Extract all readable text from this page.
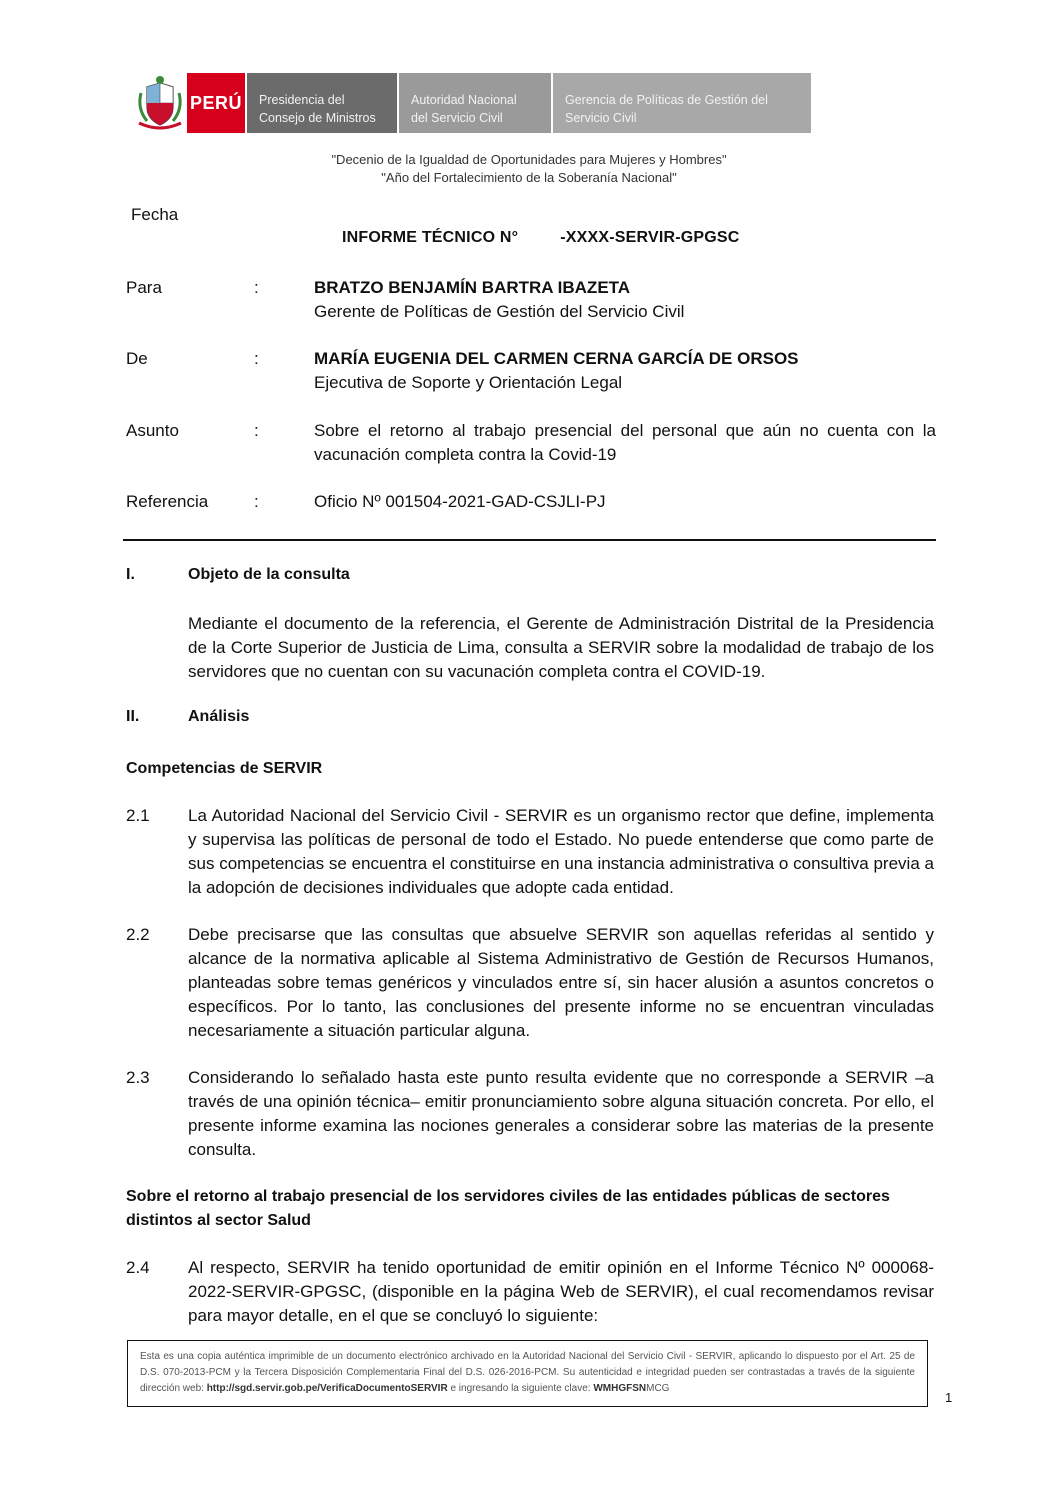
PERÚ Presidencia del
Consejo de Ministros
Autoridad Nacional
del Servicio Civil
Gerencia de Políticas de Gestión del
Servicio Civil
"Decenio de la Igualdad de Oportunidades para Mujeres y Hombres"
"Año del Fortalecimiento de la Soberanía Nacional"
Fecha
INFORME TÉCNICO N°	-XXXX-SERVIR-GPGSC
Para	:	BRATZO BENJAMÍN BARTRA IBAZETA
Gerente de Políticas de Gestión del Servicio Civil
De	:	MARÍA EUGENIA DEL CARMEN CERNA GARCÍA DE ORSOS
Ejecutiva de Soporte y Orientación Legal
Asunto	:	Sobre el retorno al trabajo presencial del personal que aún no cuenta con la vacunación completa contra la Covid-19
Referencia	:	Oficio Nº 001504-2021-GAD-CSJLI-PJ
I.	Objeto de la consulta
Mediante el documento de la referencia, el Gerente de Administración Distrital de la Presidencia de la Corte Superior de Justicia de Lima, consulta a SERVIR sobre la modalidad de trabajo de los servidores que no cuentan con su vacunación completa contra el COVID-19.
II.	Análisis
Competencias de SERVIR
2.1 La Autoridad Nacional del Servicio Civil - SERVIR es un organismo rector que define, implementa y supervisa las políticas de personal de todo el Estado. No puede entenderse que como parte de sus competencias se encuentra el constituirse en una instancia administrativa o consultiva previa a la adopción de decisiones individuales que adopte cada entidad.
2.2 Debe precisarse que las consultas que absuelve SERVIR son aquellas referidas al sentido y alcance de la normativa aplicable al Sistema Administrativo de Gestión de Recursos Humanos, planteadas sobre temas genéricos y vinculados entre sí, sin hacer alusión a asuntos concretos o específicos. Por lo tanto, las conclusiones del presente informe no se encuentran vinculadas necesariamente a situación particular alguna.
2.3 Considerando lo señalado hasta este punto resulta evidente que no corresponde a SERVIR –a través de una opinión técnica– emitir pronunciamiento sobre alguna situación concreta. Por ello, el presente informe examina las nociones generales a considerar sobre las materias de la presente consulta.
Sobre el retorno al trabajo presencial de los servidores civiles de las entidades públicas de sectores distintos al sector Salud
2.4 Al respecto, SERVIR ha tenido oportunidad de emitir opinión en el Informe Técnico Nº 000068-2022-SERVIR-GPGSC, (disponible en la página Web de SERVIR), el cual recomendamos revisar para mayor detalle, en el que se concluyó lo siguiente:
Esta es una copia auténtica imprimible de un documento electrónico archivado en la Autoridad Nacional del Servicio Civil - SERVIR, aplicando lo dispuesto por el Art. 25 de D.S. 070-2013-PCM y la Tercera Disposición Complementaria Final del D.S. 026-2016-PCM. Su autenticidad e integridad pueden ser contrastadas a través de la siguiente dirección web: http://sgd.servir.gob.pe/VerificaDocumentoSERVIR e ingresando la siguiente clave: WMHGFSNMCG
1
